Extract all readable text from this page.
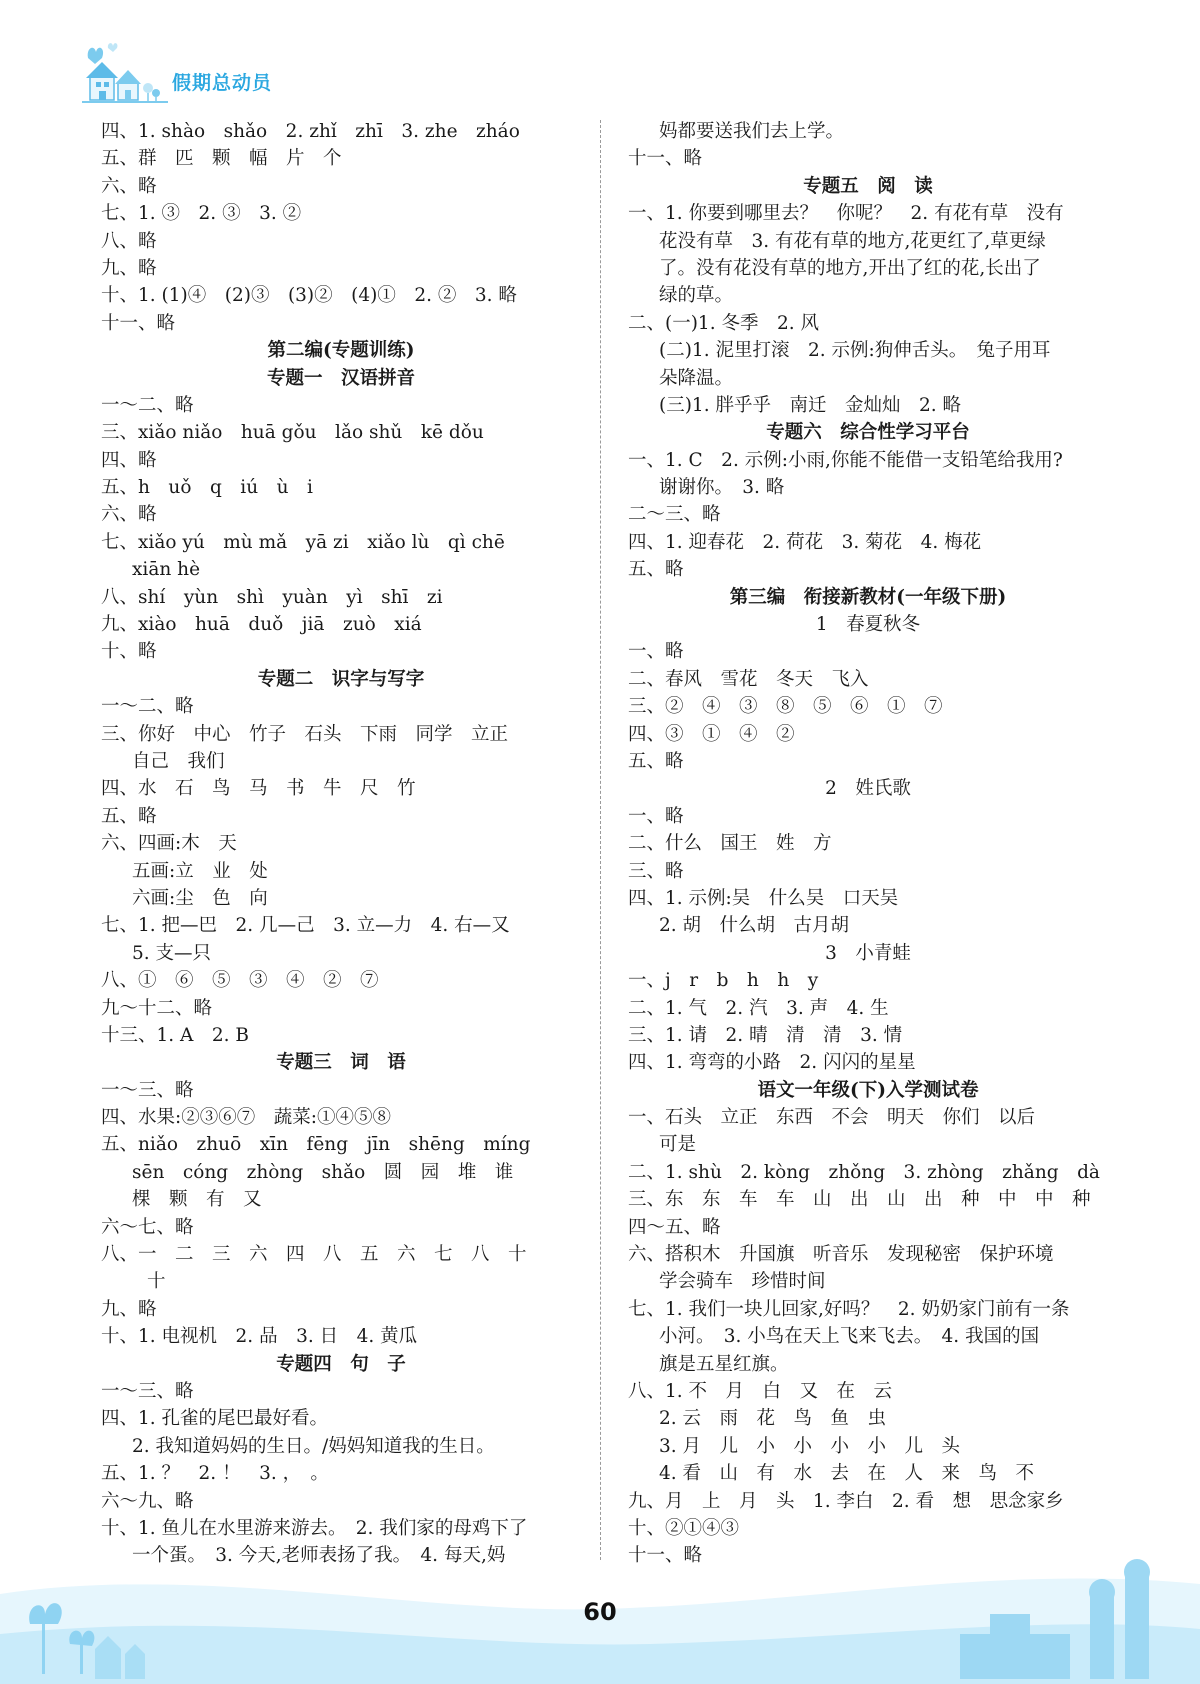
假期总动员
四、1. shào　shǎo　2. zhǐ　zhī　3. zhe　zháo
五、群　匹　颗　幅　片　个
六、略
七、1. ③　2. ③　3. ②
八、略
九、略
十、1. (1)④　(2)③　(3)②　(4)①　2. ②　3. 略
十一、略
第二编(专题训练)
专题一　汉语拼音
一～二、略
三、xiǎo niǎo　huā gǒu　lǎo shǔ　kē dǒu
四、略
五、h　uǒ　q　iú　ù　i
六、略
七、xiǎo yú　mù mǎ　yā zi　xiǎo lù　qì chē
xiān hè
八、shí　yùn　shì　yuàn　yì　shī　zi
九、xiào　huā　duǒ　jiā　zuò　xiá
十、略
专题二　识字与写字
一～二、略
三、你好　中心　竹子　石头　下雨　同学　立正
自己　我们
四、水　石　鸟　马　书　牛　尺　竹
五、略
六、四画:木　天
五画:立　业　处
六画:尘　色　向
七、1. 把—巴　2. 几—己　3. 立—力　4. 右—又
5. 支—只
八、①　⑥　⑤　③　④　②　⑦
九～十二、略
十三、1. A　2. B
专题三　词　语
一～三、略
四、水果:②③⑥⑦　蔬菜:①④⑤⑧
五、niǎo　zhuō　xīn　fēng　jīn　shēng　míng
sēn　cóng　zhòng　shǎo　圆　园　堆　谁
棵　颗　有　又
六～七、略
八、一　二　三　六　四　八　五　六　七　八　十
十
九、略
十、1. 电视机　2. 品　3. 日　4. 黄瓜
专题四　句　子
一～三、略
四、1. 孔雀的尾巴最好看。
2. 我知道妈妈的生日。/妈妈知道我的生日。
五、1. ？　2. ！　3. ，　。
六～九、略
十、1. 鱼儿在水里游来游去。　2. 我们家的母鸡下了
一个蛋。　3. 今天,老师表扬了我。　4. 每天,妈
妈都要送我们去上学。
十一、略
专题五　阅　读
一、1. 你要到哪里去？　你呢？　2. 有花有草　没有
花没有草　3. 有花有草的地方,花更红了,草更绿
了。没有花没有草的地方,开出了红的花,长出了
绿的草。
二、(一)1. 冬季　2. 风
(二)1. 泥里打滚　2. 示例:狗伸舌头。　兔子用耳
朵降温。
(三)1. 胖乎乎　南迁　金灿灿　2. 略
专题六　综合性学习平台
一、1. C　2. 示例:小雨,你能不能借一支铅笔给我用?
谢谢你。　3. 略
二～三、略
四、1. 迎春花　2. 荷花　3. 菊花　4. 梅花
五、略
第三编　衔接新教材(一年级下册)
1　春夏秋冬
一、略
二、春风　雪花　冬天　飞入
三、②　④　③　⑧　⑤　⑥　①　⑦
四、③　①　④　②
五、略
2　姓氏歌
一、略
二、什么　国王　姓　方
三、略
四、1. 示例:吴　什么吴　口天吴
2. 胡　什么胡　古月胡
3　小青蛙
一、j　r　b　h　h　y
二、1. 气　2. 汽　3. 声　4. 生
三、1. 请　2. 晴　清　清　3. 情
四、1. 弯弯的小路　2. 闪闪的星星
语文一年级(下)入学测试卷
一、石头　立正　东西　不会　明天　你们　以后
可是
二、1. shù　2. kòng　zhǒng　3. zhòng　zhǎng　dà
三、东　东　车　车　山　出　山　出　种　中　中　种
四～五、略
六、搭积木　升国旗　听音乐　发现秘密　保护环境
学会骑车　珍惜时间
七、1. 我们一块儿回家,好吗？　2. 奶奶家门前有一条
小河。　3. 小鸟在天上飞来飞去。　4. 我国的国
旗是五星红旗。
八、1. 不　月　白　又　在　云
2. 云　雨　花　鸟　鱼　虫
3. 月　儿　小　小　小　小　儿　头
4. 看　山　有　水　去　在　人　来　鸟　不
九、月　上　月　头　1. 李白　2. 看　想　思念家乡
十、②①④③
十一、略
60
